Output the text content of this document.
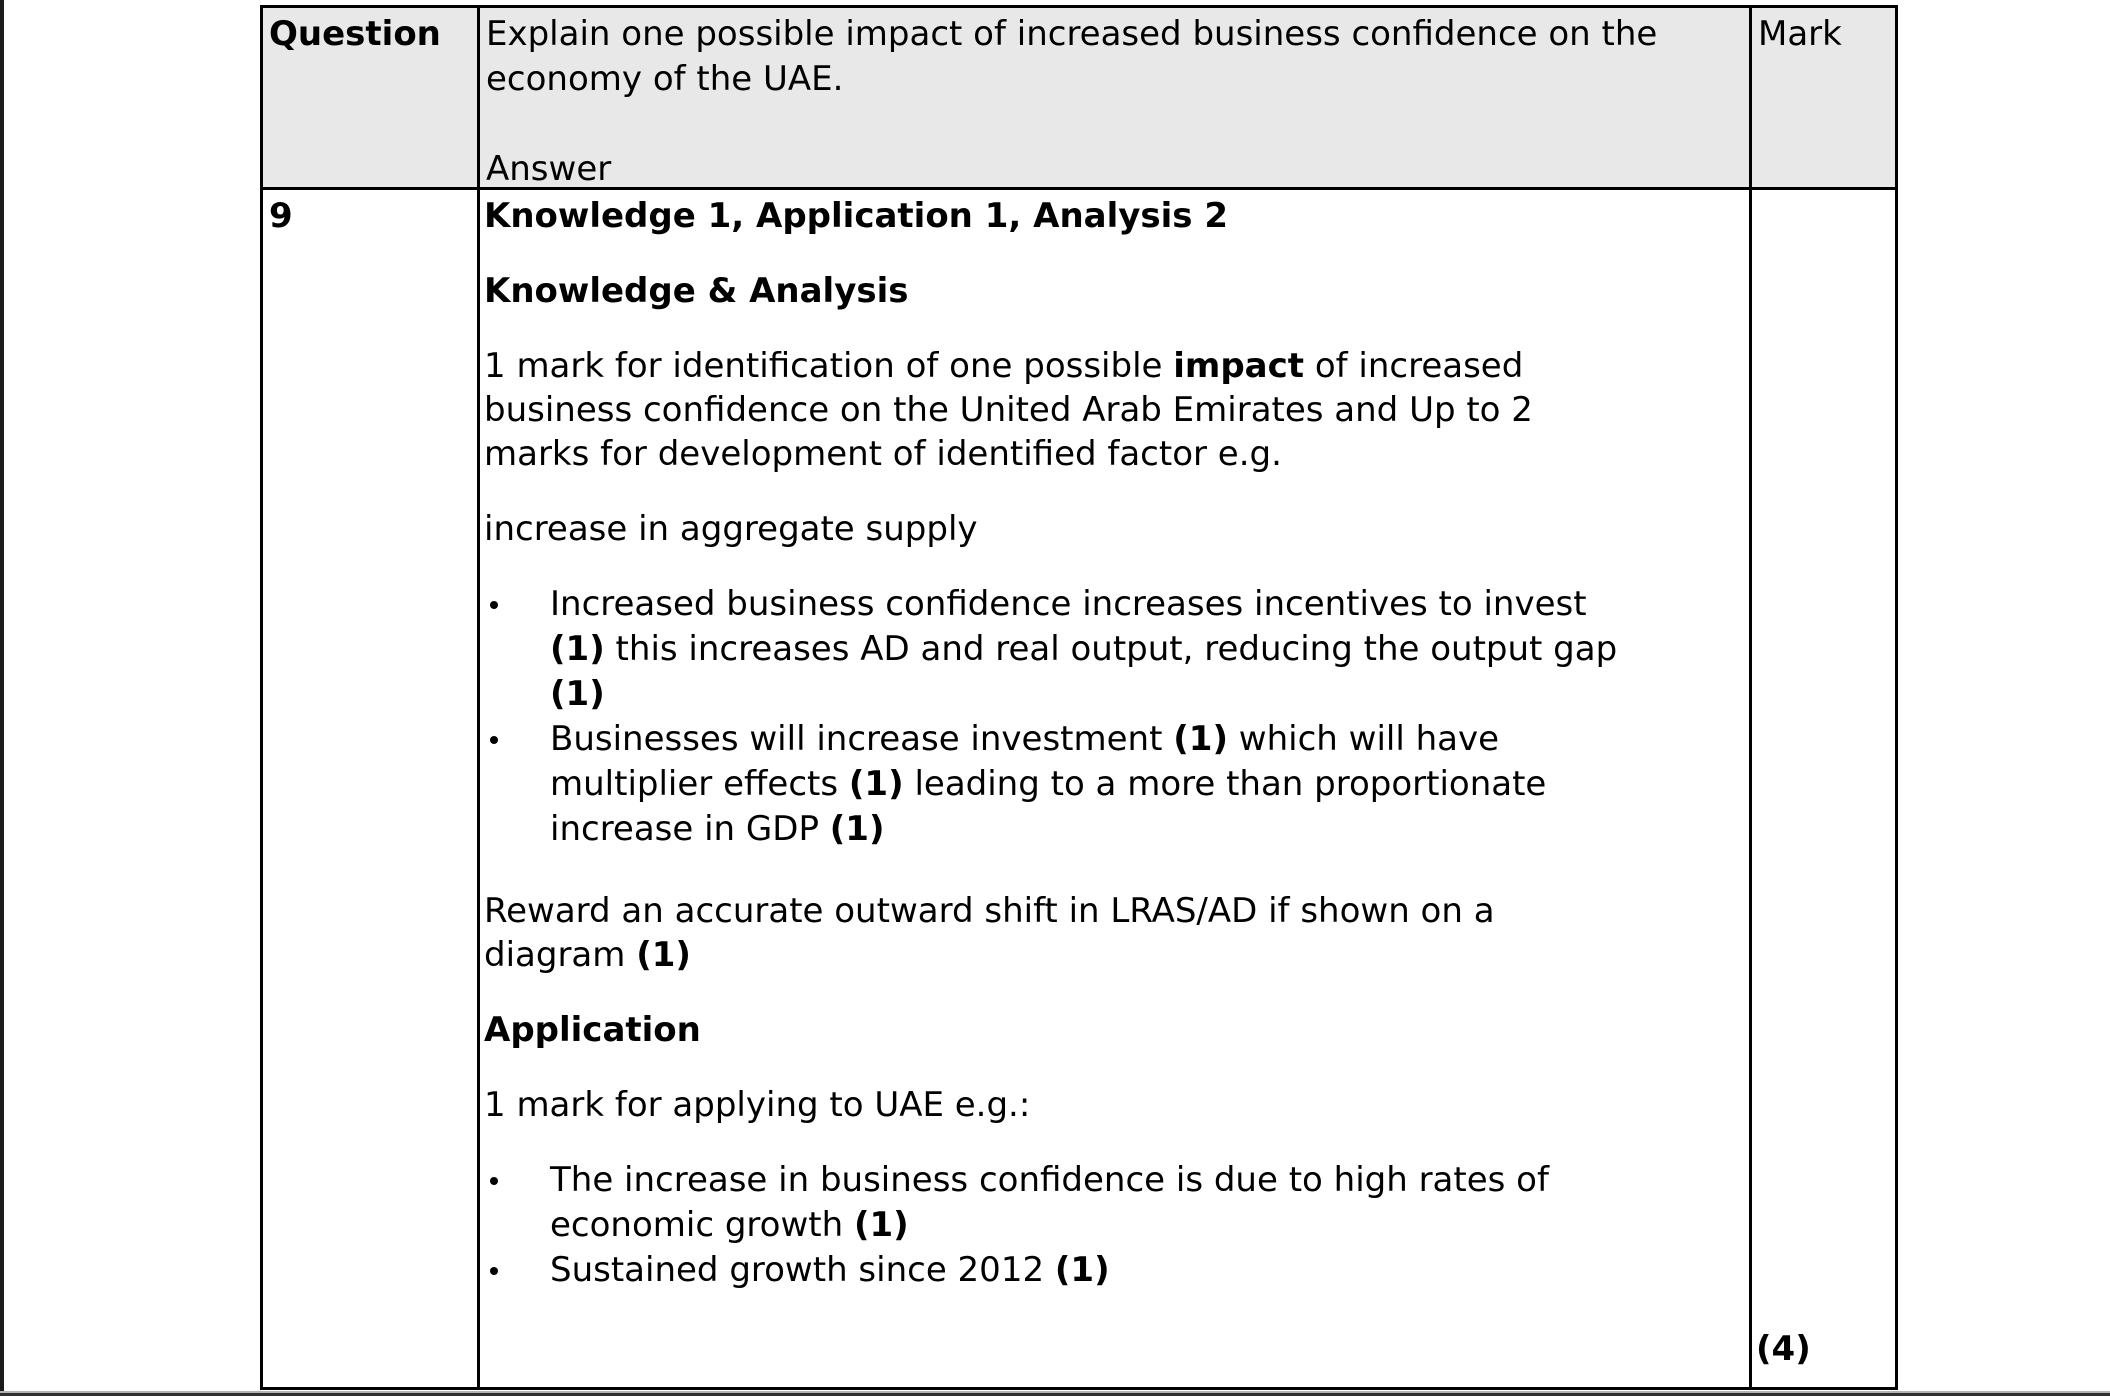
Question	Explain one possible impact of increased business confidence on the
economy of the UAE.
Answer
Mark
9	Knowledge 1, Application 1, Analysis 2

Knowledge & Analysis

1 mark for identification of one possible impact of increased
business confidence on the United Arab Emirates and Up to 2
marks for development of identified factor e.g.

increase in aggregate supply

Increased business confidence increases incentives to invest
(1) this increases AD and real output, reducing the output gap
(1)
Businesses will increase investment (1) which will have
multiplier effects (1) leading to a more than proportionate
increase in GDP (1)

Reward an accurate outward shift in LRAS/AD if shown on a
diagram (1)

Application

1 mark for applying to UAE e.g.:

The increase in business confidence is due to high rates of
economic growth (1)
Sustained growth since 2012 (1)
(4)
